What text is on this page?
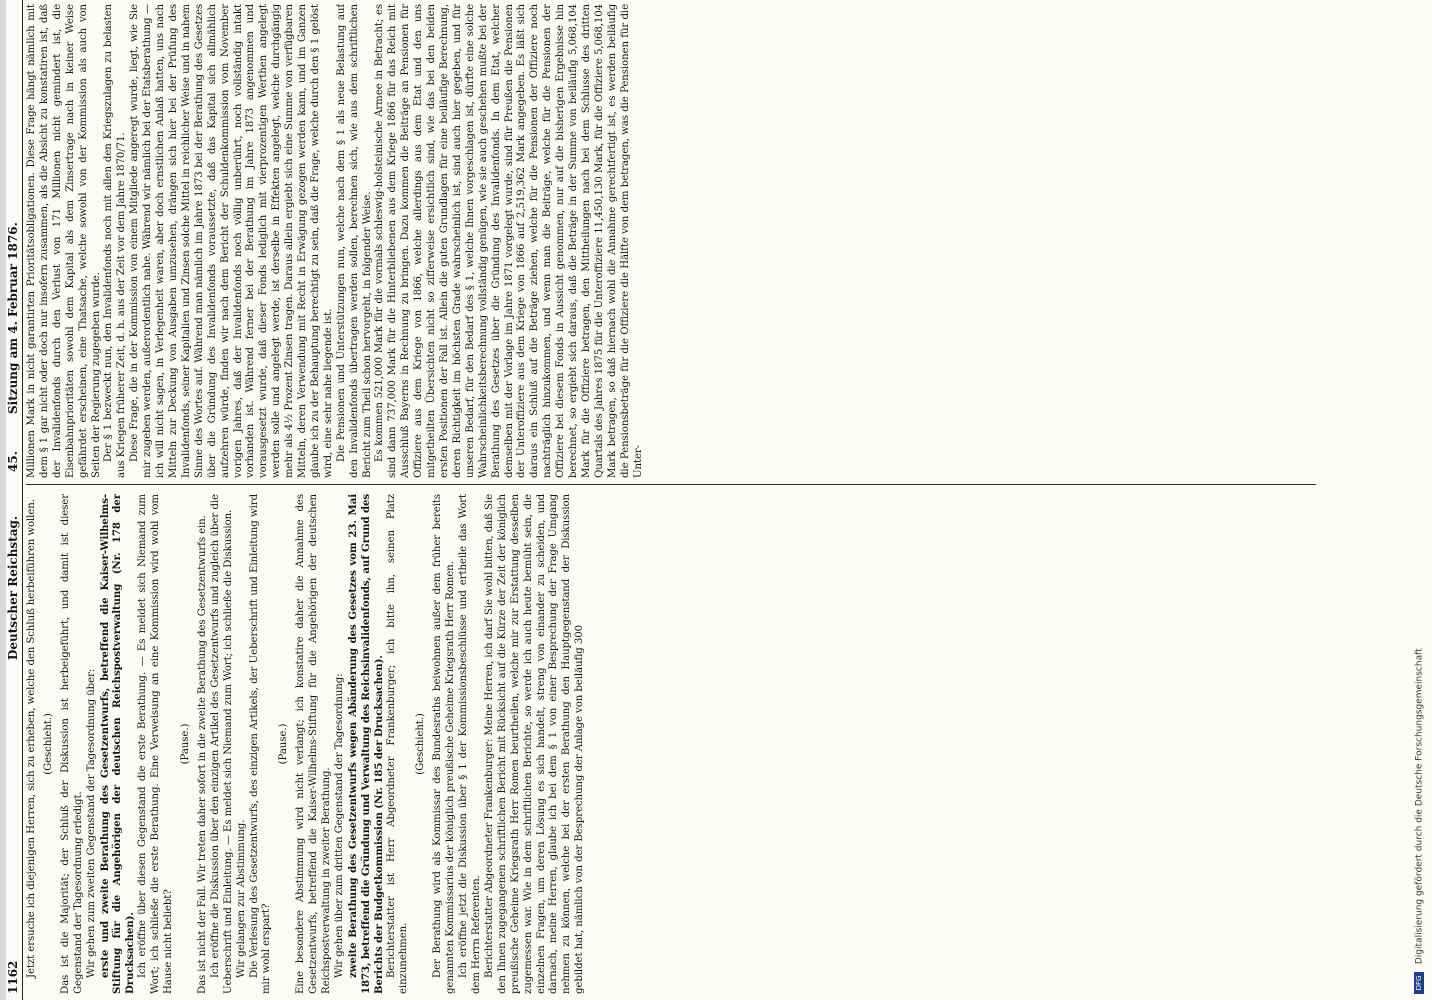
1162
Deutscher Reichstag.
45.
Sitzung am 4. Februar 1876.

Jetzt ersuche ich diejenigen Herren, sich zu erheben, welche den Schluß herbeiführen wollen. (Geschieht.) Das ist die Majorität; der Schluß der Diskussion ist herbeigeführt, und damit ist dieser Gegenstand der Tagesordnung erledigt. Wir gehen zum zweiten Gegenstand der Tagesordnung über: erste und zweite Berathung des Gesetzentwurfs, betreffend die Kaiser-Wilhelms-Stiftung für die Angehörigen der deutschen Reichspostverwaltung (Nr. 178 der Drucksachen). Ich eröffne über diesen Gegenstand die erste Berathung. — Es meldet sich Niemand zum Wort; ich schließe die erste Berathung. Eine Verweisung an eine Kommission wird wohl vom Hause nicht beliebt?

(Pause.) Das ist nicht der Fall. Wir treten daher sofort in die zweite Berathung des Gesetzentwurfs ein. Ich eröffne die Diskussion über den einzigen Artikel des Gesetzentwurfs und zugleich über die Ueberschrift und Einleitung. — Es meldet sich Niemand zum Wort; ich schließe die Diskussion. Wir gelangen zur Abstimmung. Die Verlesung des Gesetzentwurfs, des einzigen Artikels, der Ueberschrift und Einleitung wird mir wohl erspart?

(Pause.) Eine besondere Abstimmung wird nicht verlangt; ich konstatire daher die Annahme des Gesetzentwurfs, betreffend die Kaiser-Wilhelms-Stiftung für die Angehörigen der deutschen Reichspostverwaltung in zweiter Berathung. Wir gehen über zum dritten Gegenstand der Tagesordnung: zweite Berathung des Gesetzentwurfs wegen Abänderung des Gesetzes vom 23. Mai 1873, betreffend die Gründung und Verwaltung des Reichsinvalidenfonds, auf Grund des Berichts der Budgetkommission (Nr. 185 der Drucksachen). Berichterstatter ist Herr Abgeordneter Frankenburger; ich bitte ihn, seinen Platz einzunehmen.

(Geschieht.) Der Berathung wird als Kommissar des Bundesraths beiwohnen außer dem früher bereits genannten Kommissarius der königlich preußische Geheime Kriegsrath Herr Romen. Ich eröffne jetzt die Diskussion über § 1 der Kommissionsbeschlüsse und ertheile das Wort dem Herrn Referenten. Berichterstatter Abgeordneter Frankenburger: Meine Herren, ich darf Sie wohl bitten, daß Sie den Ihnen zugegangenen schriftlichen Bericht mit Rücksicht auf die Kürze der Zeit der königlich preußische Geheime Kriegsrath Herr Romen beurtheilen, welche mir zur Erstattung desselben zugemessen war. Wie in dem schriftlichen Berichte, so werde ich auch heute bemüht sein, die einzelnen Fragen, um deren Lösung es sich handelt, streng von einander zu scheiden, und darnach, meine Herren, glaube ich bei dem § 1 von einer Besprechung der Frage Umgang nehmen zu können, welche bei der ersten Berathung den Hauptgegenstand der Diskussion gebildet hat, nämlich von der Besprechung der Anlage von beiläufig 300

Millionen Mark in nicht garantirten Prioritätsobligationen. Diese Frage hängt nämlich mit dem § 1 gar nicht oder doch nur insofern zusammen, als die Absicht zu konstatiren ist, daß der Invalidenfonds durch den Verlust von 171 Millionen nicht gemindert ist, die Eisenbahnprioritäten sowohl dem Kapital als dem Zinsertrage nach in keiner Weise gefährdet erscheinen, eine Thatsache, welche sowohl von der Kommission als auch von Seiten der Regierung zugegeben wurde. Der § 1 bezweckt nun, den Invalidenfonds noch mit allen den Kriegszulagen zu belasten aus Kriegen früherer Zeit, d. h. aus der Zeit vor dem Jahre 1870/71. Diese Frage, die in der Kommission von einem Mitgliede angeregt wurde, liegt, wie Sie mir zugeben werden, außerordentlich nahe. Während wir nämlich bei der Etatsberathung — ich will nicht sagen, in Verlegenheit waren, aber doch ernstlichen Anlaß hatten, uns nach Mitteln zur Deckung von Ausgaben umzusehen, drängen sich hier bei der Prüfung des Invalidenfonds, seiner Kapitalien und Zinsen solche Mittel in reichlicher Weise und in nahem Sinne des Wortes auf. Während man nämlich im Jahre 1873 bei der Berathung des Gesetzes über die Gründung des Invalidenfonds voraussetzte, daß das Kapital sich allmählich aufzehren würde, finden wir nach dem Bericht der Schuldenkommission vom November vorigen Jahres, daß der Invalidenfonds noch völlig unberührt, noch vollständig intakt vorhanden ist. Während ferner bei der Berathung im Jahre 1873 angenommen und vorausgesetzt wurde, daß dieser Fonds lediglich mit vierprozentigen Werthen angelegt werden solle und angelegt werde, ist derselbe in Effekten angelegt, welche durchgängig mehr als 4½ Prozent Zinsen tragen. Daraus allein ergiebt sich eine Summe von verfügbaren Mitteln, deren Verwendung mit Recht in Erwägung gezogen werden kann, und im Ganzen glaube ich zu der Behauptung berechtigt zu sein, daß die Frage, welche durch den § 1 gelöst wird, eine sehr nahe liegende ist. Die Pensionen und Unterstützungen nun, welche nach dem § 1 als neue Belastung auf den Invalidenfonds übertragen werden sollen, berechnen sich, wie aus dem schriftlichen Bericht zum Theil schon hervorgeht, in folgender Weise. Es kommen 521,000 Mark für die vormals schleswig-holsteinische Armee in Betracht; es sind dann 737,000 Mark für die Hinterbliebenen aus dem Kriege 1866 für das Reich mit Ausschluß Bayerns in Rechnung zu bringen. Dazu kommen die Beiträge an Pensionen für Offiziere aus dem Kriege von 1866, welche allerdings aus dem Etat und den uns mitgetheilten Übersichten nicht so zifferweise ersichtlich sind, wie das bei den beiden ersten Positionen der Fall ist. Allein die guten Grundlagen für eine beiläufige Berechnung, deren Richtigkeit im höchsten Grade wahrscheinlich ist, sind auch hier gegeben, und für unseren Bedarf, für den Bedarf des § 1, welche Ihnen vorgeschlagen ist, dürfte eine solche Wahrscheinlichkeitsberechnung vollständig genügen, wie sie auch geschehen mußte bei der Berathung des Gesetzes über die Gründung des Invalidenfonds. In dem Etat, welcher demselben mit der Vorlage im Jahre 1871 vorgelegt wurde, sind für Preußen die Pensionen der Unteroffiziere aus dem Kriege von 1866 auf 2,519,362 Mark angegeben. Es läßt sich daraus ein Schluß auf die Beträge ziehen, welche für die Pensionen der Offiziere noch nachträglich hinzukommen, und wenn man die Beiträge, welche für die Pensionen der Offiziere bei diesem Fonds in Aussicht genommen, nur auf die bisherigen Ergebnisse hin berechnet, so ergiebt sich daraus, daß die Beträge in der Summe von beiläufig 5,068,104 Mark für die Offiziere betragen, den Mittheilungen nach bei dem Schlusse des dritten Quartals des Jahres 1875 für die Unteroffiziere 11,450,130 Mark, für die Offiziere 5,068,104 Mark betragen, so daß hiernach wohl die Annahme gerechtfertigt ist, es werden beiläufig die Pensionsbeträge für die Offiziere die Hälfte von dem betragen, was die Pensionen für die Unter-

DFG Digitalisierung gefördert durch die Deutsche Forschungsgemeinschaft
